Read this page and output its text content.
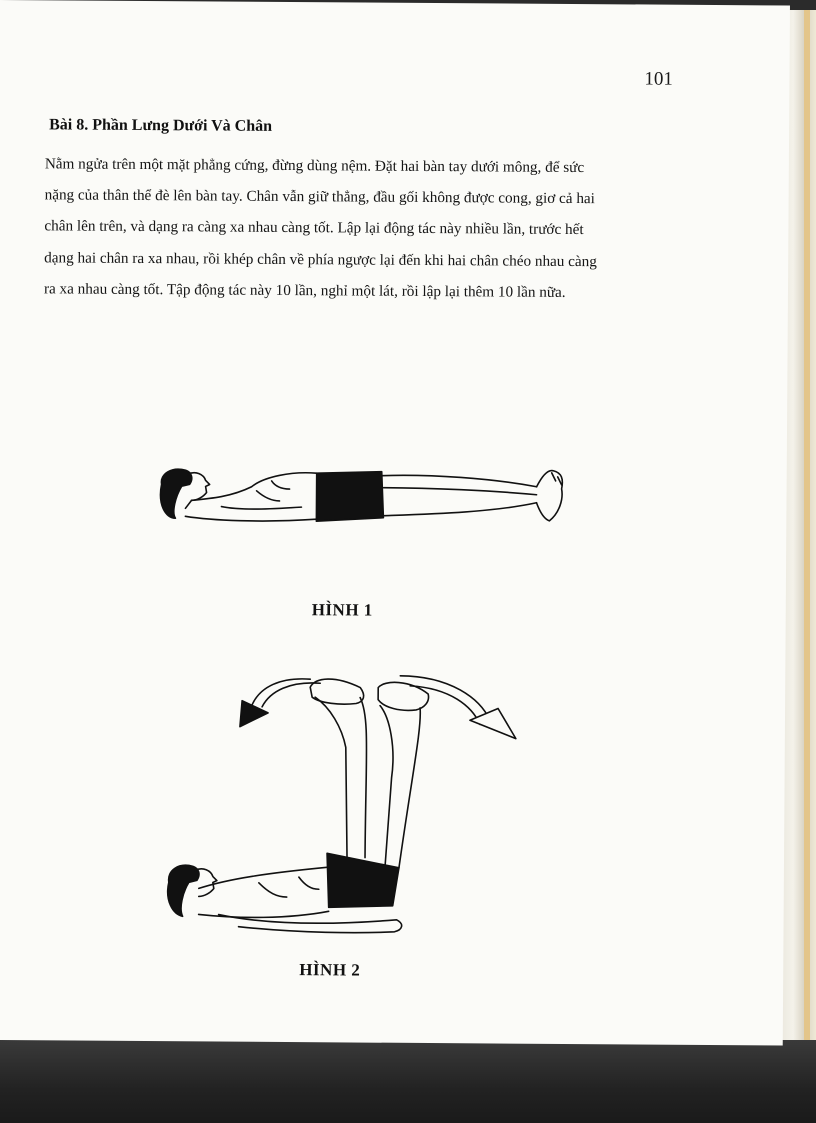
101
Bài 8. Phần Lưng Dưới Và Chân
Nằm ngửa trên một mặt phẳng cứng, đừng dùng nệm. Đặt hai bàn tay dưới mông, để sức
nặng của thân thể đè lên bàn tay. Chân vẫn giữ thẳng, đầu gối không được cong, giơ cả hai
chân lên trên, và dạng ra càng xa nhau càng tốt. Lập lại động tác này nhiều lần, trước hết
dạng hai chân ra xa nhau, rồi khép chân về phía ngược lại đến khi hai chân chéo nhau càng
ra xa nhau càng tốt. Tập động tác này 10 lần, nghỉ một lát, rồi lập lại thêm 10 lần nữa.
HÌNH 1
HÌNH 2
